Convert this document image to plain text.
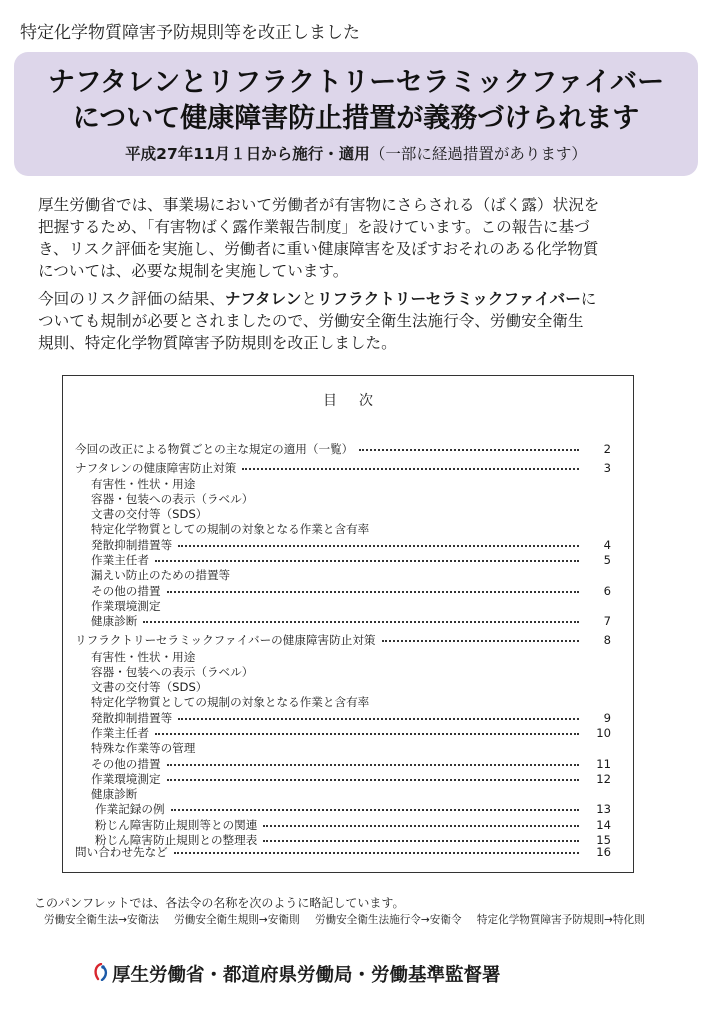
特定化学物質障害予防規則等を改正しました
ナフタレンとリフラクトリーセラミックファイバー
について健康障害防止措置が義務づけられます
平成27年11月１日から施行・適用（一部に経過措置があります）
厚生労働省では、事業場において労働者が有害物にさらされる（ばく露）状況を
把握するため、「有害物ばく露作業報告制度」を設けています。この報告に基づ
き、リスク評価を実施し、労働者に重い健康障害を及ぼすおそれのある化学物質
については、必要な規制を実施しています。
今回のリスク評価の結果、ナフタレンとリフラクトリーセラミックファイバーに
ついても規制が必要とされましたので、労働安全衛生法施行令、労働安全衛生
規則、特定化学物質障害予防規則を改正しました。
目次
今回の改正による物質ごとの主な規定の適用（一覧）	2
ナフタレンの健康障害防止対策	3
有害性・性状・用途
容器・包装への表示（ラベル）
文書の交付等（SDS）
特定化学物質としての規制の対象となる作業と含有率
発散抑制措置等	4
作業主任者	5
漏えい防止のための措置等
その他の措置	6
作業環境測定
健康診断	7
リフラクトリーセラミックファイバーの健康障害防止対策	8
有害性・性状・用途
容器・包装への表示（ラベル）
文書の交付等（SDS）
特定化学物質としての規制の対象となる作業と含有率
発散抑制措置等	9
作業主任者	10
特殊な作業等の管理
その他の措置	11
作業環境測定	12
健康診断
作業記録の例	13
粉じん障害防止規則等との関連	14
粉じん障害防止規則との整理表	15
問い合わせ先など	16
このパンフレットでは、各法令の名称を次のように略記しています。
労働安全衛生法→安衛法 労働安全衛生規則→安衛則 労働安全衛生法施行令→安衛令 特定化学物質障害予防規則→特化則
厚生労働省・都道府県労働局・労働基準監督署
